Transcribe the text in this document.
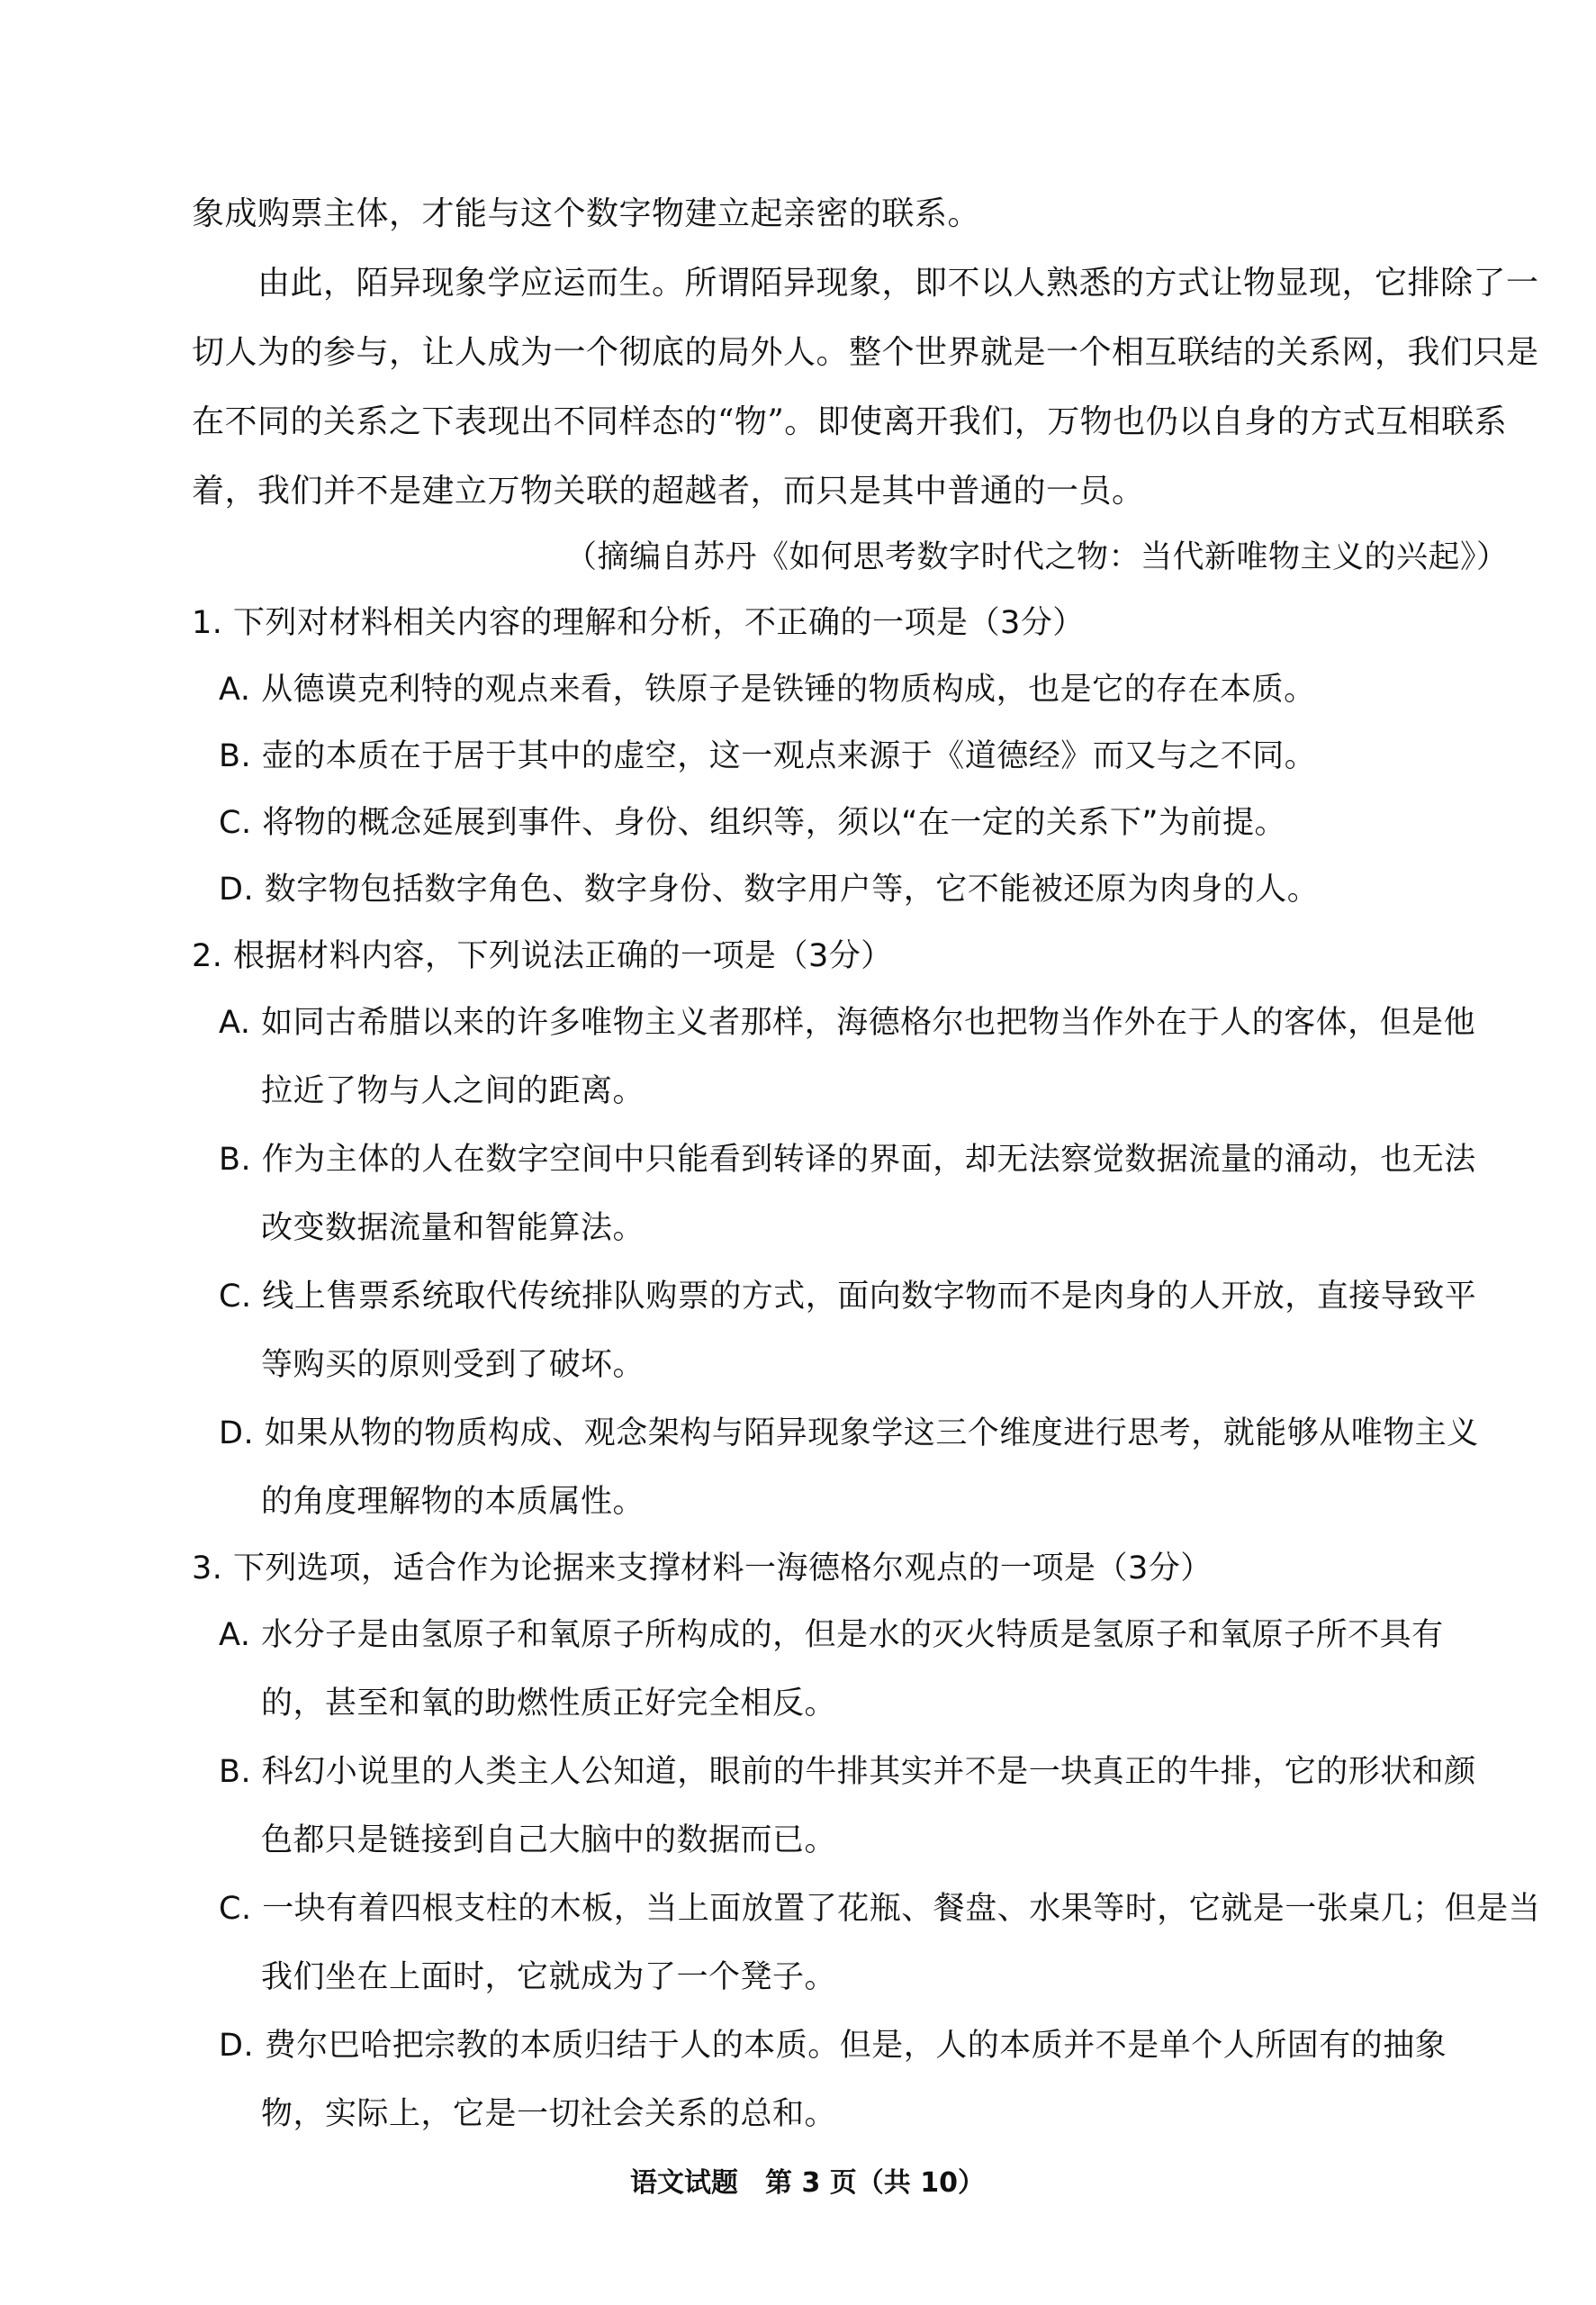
象成购票主体，才能与这个数字物建立起亲密的联系。
由此，陌异现象学应运而生。所谓陌异现象，即不以人熟悉的方式让物显现，它排除了一
切人为的参与，让人成为一个彻底的局外人。整个世界就是一个相互联结的关系网，我们只是
在不同的关系之下表现出不同样态的“物”。即使离开我们，万物也仍以自身的方式互相联系
着，我们并不是建立万物关联的超越者，而只是其中普通的一员。
（摘编自苏丹《如何思考数字时代之物：当代新唯物主义的兴起》）
1. 下列对材料相关内容的理解和分析，不正确的一项是（3分）
A. 从德谟克利特的观点来看，铁原子是铁锤的物质构成，也是它的存在本质。
B. 壶的本质在于居于其中的虚空，这一观点来源于《道德经》而又与之不同。
C. 将物的概念延展到事件、身份、组织等，须以“在一定的关系下”为前提。
D. 数字物包括数字角色、数字身份、数字用户等，它不能被还原为肉身的人。
2. 根据材料内容，下列说法正确的一项是（3分）
A. 如同古希腊以来的许多唯物主义者那样，海德格尔也把物当作外在于人的客体，但是他
拉近了物与人之间的距离。
B. 作为主体的人在数字空间中只能看到转译的界面，却无法察觉数据流量的涌动，也无法
改变数据流量和智能算法。
C. 线上售票系统取代传统排队购票的方式，面向数字物而不是肉身的人开放，直接导致平
等购买的原则受到了破坏。
D. 如果从物的物质构成、观念架构与陌异现象学这三个维度进行思考，就能够从唯物主义
的角度理解物的本质属性。
3. 下列选项，适合作为论据来支撑材料一海德格尔观点的一项是（3分）
A. 水分子是由氢原子和氧原子所构成的，但是水的灭火特质是氢原子和氧原子所不具有
的，甚至和氧的助燃性质正好完全相反。
B. 科幻小说里的人类主人公知道，眼前的牛排其实并不是一块真正的牛排，它的形状和颜
色都只是链接到自己大脑中的数据而已。
C. 一块有着四根支柱的木板，当上面放置了花瓶、餐盘、水果等时，它就是一张桌几；但是当
我们坐在上面时，它就成为了一个凳子。
D. 费尔巴哈把宗教的本质归结于人的本质。但是，人的本质并不是单个人所固有的抽象
物，实际上，它是一切社会关系的总和。
语文试题　第 3 页（共 10）
